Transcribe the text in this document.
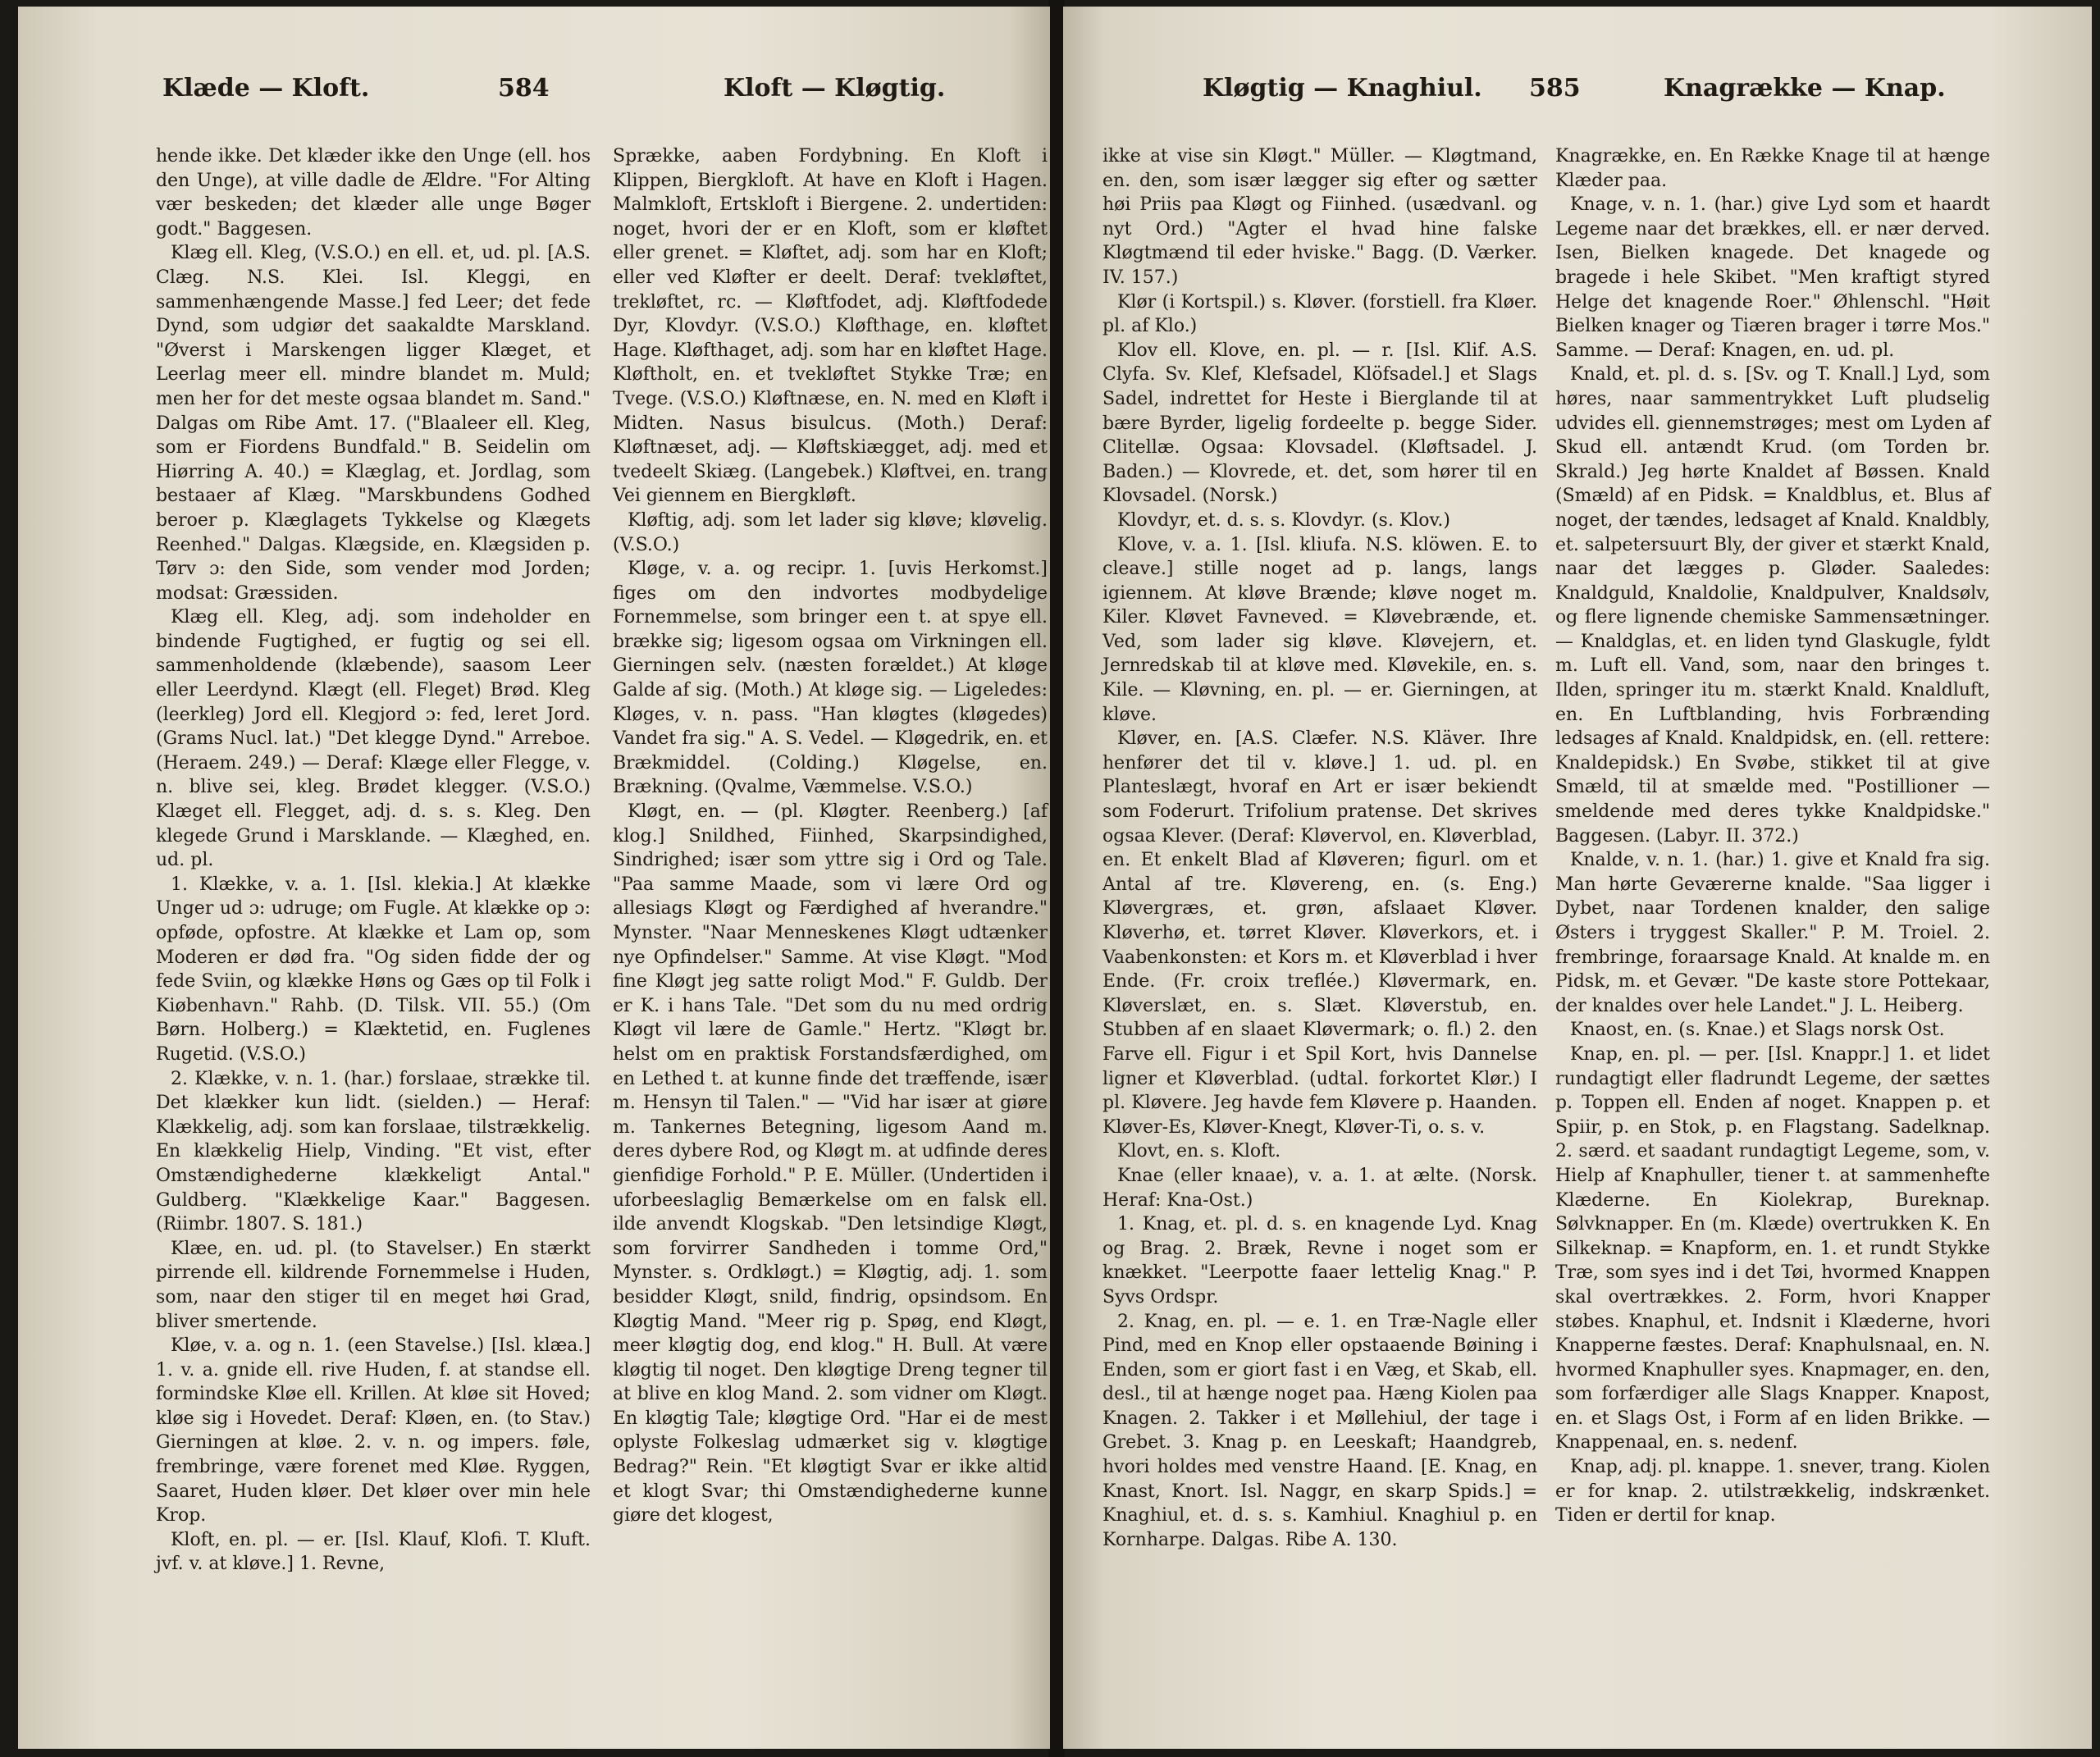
Klæde — Kloft.	584	Kloft — Kløgtig.

hende ikke. Det klæder ikke den Unge (ell. hos den Unge), at ville dadle de Ældre. "For Alting vær beskeden; det klæder alle unge Bøger godt." Baggesen.

Klæg ell. Kleg, (V.S.O.) en ell. et, ud. pl. [A.S. Clæg. N.S. Klei. Isl. Kleggi, en sammenhængende Masse.] fed Leer; det fede Dynd, som udgiør det saakaldte Marskland. "Øverst i Marskengen ligger Klæget, et Leerlag meer ell. mindre blandet m. Muld; men her for det meste ogsaa blandet m. Sand." Dalgas om Ribe Amt. 17. ("Blaaleer ell. Kleg, som er Fiordens Bundfald." B. Seidelin om Hiørring A. 40.) = Klæglag, et. Jordlag, som bestaaer af Klæg. "Marskbundens Godhed beroer p. Klæglagets Tykkelse og Klægets Reenhed." Dalgas. Klægside, en. Klægsiden p. Tørv ɔ: den Side, som vender mod Jorden; modsat: Græssiden.

Klæg ell. Kleg, adj. som indeholder en bindende Fugtighed, er fugtig og sei ell. sammenholdende (klæbende), saasom Leer eller Leerdynd. Klægt (ell. Fleget) Brød. Kleg (leerkleg) Jord ell. Klegjord ɔ: fed, leret Jord. (Grams Nucl. lat.) "Det klegge Dynd." Arreboe. (Heraem. 249.) — Deraf: Klæge eller Flegge, v. n. blive sei, kleg. Brødet klegger. (V.S.O.) Klæget ell. Flegget, adj. d. s. s. Kleg. Den klegede Grund i Marsklande. — Klæghed, en. ud. pl.

1. Klække, v. a. 1. [Isl. klekia.] At klække Unger ud ɔ: udruge; om Fugle. At klække op ɔ: opføde, opfostre. At klække et Lam op, som Moderen er død fra. "Og siden fidde der og fede Sviin, og klække Høns og Gæs op til Folk i Kiøbenhavn." Rahb. (D. Tilsk. VII. 55.) (Om Børn. Holberg.) = Klæktetid, en. Fuglenes Rugetid. (V.S.O.)

2. Klække, v. n. 1. (har.) forslaae, strække til. Det klækker kun lidt. (sielden.) — Heraf: Klækkelig, adj. som kan forslaae, tilstrækkelig. En klækkelig Hielp, Vinding. "Et vist, efter Omstændighederne klækkeligt Antal." Guldberg. "Klækkelige Kaar." Baggesen. (Riimbr. 1807. S. 181.)

Klæe, en. ud. pl. (to Stavelser.) En stærkt pirrende ell. kildrende Fornemmelse i Huden, som, naar den stiger til en meget høi Grad, bliver smertende.

Kløe, v. a. og n. 1. (een Stavelse.) [Isl. klæa.] 1. v. a. gnide ell. rive Huden, f. at standse ell. formindske Kløe ell. Krillen. At kløe sit Hoved; kløe sig i Hovedet. Deraf: Kløen, en. (to Stav.) Gierningen at kløe. 2. v. n. og impers. føle, frembringe, være forenet med Kløe. Ryggen, Saaret, Huden kløer. Det kløer over min hele Krop.

Kloft, en. pl. — er. [Isl. Klauf, Klofi. T. Kluft. jvf. v. at kløve.] 1. Revne,

Sprække, aaben Fordybning. En Kloft i Klippen, Biergkloft. At have en Kloft i Hagen. Malmkloft, Ertskloft i Biergene. 2. undertiden: noget, hvori der er en Kloft, som er kløftet eller grenet. = Kløftet, adj. som har en Kloft; eller ved Kløfter er deelt. Deraf: tvekløftet, trekløftet, rc. — Kløftfodet, adj. Kløftfodede Dyr, Klovdyr. (V.S.O.) Kløfthage, en. kløftet Hage. Kløfthaget, adj. som har en kløftet Hage. Kløftholt, en. et tvekløftet Stykke Træ; en Tvege. (V.S.O.) Kløftnæse, en. N. med en Kløft i Midten. Nasus bisulcus. (Moth.) Deraf: Kløftnæset, adj. — Kløftskiægget, adj. med et tvedeelt Skiæg. (Langebek.) Kløftvei, en. trang Vei giennem en Biergkløft.

Kløftig, adj. som let lader sig kløve; kløvelig. (V.S.O.)

Kløge, v. a. og recipr. 1. [uvis Herkomst.] figes om den indvortes modbydelige Fornemmelse, som bringer een t. at spye ell. brække sig; ligesom ogsaa om Virkningen ell. Gierningen selv. (næsten forældet.) At kløge Galde af sig. (Moth.) At kløge sig. — Ligeledes: Kløges, v. n. pass. "Han kløgtes (kløgedes) Vandet fra sig." A. S. Vedel. — Kløgedrik, en. et Brækmiddel. (Colding.) Kløgelse, en. Brækning. (Qvalme, Væmmelse. V.S.O.)

Kløgt, en. — (pl. Kløgter. Reenberg.) [af klog.] Snildhed, Fiinhed, Skarpsindighed, Sindrighed; især som yttre sig i Ord og Tale. "Paa samme Maade, som vi lære Ord og allesiags Kløgt og Færdighed af hverandre." Mynster. "Naar Menneskenes Kløgt udtænker nye Opfindelser." Samme. At vise Kløgt. "Mod fine Kløgt jeg satte roligt Mod." F. Guldb. Der er K. i hans Tale. "Det som du nu med ordrig Kløgt vil lære de Gamle." Hertz. "Kløgt br. helst om en praktisk Forstandsfærdighed, om en Lethed t. at kunne finde det træffende, især m. Hensyn til Talen." — "Vid har især at giøre m. Tankernes Betegning, ligesom Aand m. deres dybere Rod, og Kløgt m. at udfinde deres gienfidige Forhold." P. E. Müller. (Undertiden i uforbeeslaglig Bemærkelse om en falsk ell. ilde anvendt Klogskab. "Den letsindige Kløgt, som forvirrer Sandheden i tomme Ord," Mynster. s. Ordkløgt.) = Kløgtig, adj. 1. som besidder Kløgt, snild, findrig, opsindsom. En Kløgtig Mand. "Meer rig p. Spøg, end Kløgt, meer kløgtig dog, end klog." H. Bull. At være kløgtig til noget. Den kløgtige Dreng tegner til at blive en klog Mand. 2. som vidner om Kløgt. En kløgtig Tale; kløgtige Ord. "Har ei de mest oplyste Folkeslag udmærket sig v. kløgtige Bedrag?" Rein. "Et kløgtigt Svar er ikke altid et klogt Svar; thi Omstændighederne kunne giøre det klogest,

Kløgtig — Knaghiul. 585	Knagrække — Knap.

ikke at vise sin Kløgt." Müller. — Kløgtmand, en. den, som især lægger sig efter og sætter høi Priis paa Kløgt og Fiinhed. (usædvanl. og nyt Ord.) "Agter el hvad hine falske Kløgtmænd til eder hviske." Bagg. (D. Værker. IV. 157.)

Klør (i Kortspil.) s. Kløver. (forstiell. fra Kløer. pl. af Klo.)

Klov ell. Klove, en. pl. — r. [Isl. Klif. A.S. Clyfa. Sv. Klef, Klefsadel, Klöfsadel.] et Slags Sadel, indrettet for Heste i Bierglande til at bære Byrder, ligelig fordeelte p. begge Sider. Clitellæ. Ogsaa: Klovsadel. (Kløftsadel. J. Baden.) — Klovrede, et. det, som hører til en Klovsadel. (Norsk.)

Klovdyr, et. d. s. s. Klovdyr. (s. Klov.)

Klove, v. a. 1. [Isl. kliufa. N.S. klöwen. E. to cleave.] stille noget ad p. langs, langs igiennem. At kløve Brænde; kløve noget m. Kiler. Kløvet Favneved. = Kløvebrænde, et. Ved, som lader sig kløve. Kløvejern, et. Jernredskab til at kløve med. Kløvekile, en. s. Kile. — Kløvning, en. pl. — er. Gierningen, at kløve.

Kløver, en. [A.S. Clæfer. N.S. Kläver. Ihre henfører det til v. kløve.] 1. ud. pl. en Planteslægt, hvoraf en Art er især bekiendt som Foderurt. Trifolium pratense. Det skrives ogsaa Klever. (Deraf: Kløvervol, en. Kløverblad, en. Et enkelt Blad af Kløveren; figurl. om et Antal af tre. Kløvereng, en. (s. Eng.) Kløvergræs, et. grøn, afslaaet Kløver. Kløverhø, et. tørret Kløver. Kløverkors, et. i Vaabenkonsten: et Kors m. et Kløverblad i hver Ende. (Fr. croix treflée.) Kløvermark, en. Kløverslæt, en. s. Slæt. Kløverstub, en. Stubben af en slaaet Kløvermark; o. fl.) 2. den Farve ell. Figur i et Spil Kort, hvis Dannelse ligner et Kløverblad. (udtal. forkortet Klør.) I pl. Kløvere. Jeg havde fem Kløvere p. Haanden. Kløver-Es, Kløver-Knegt, Kløver-Ti, o. s. v.

Klovt, en. s. Kloft.

Knae (eller knaae), v. a. 1. at ælte. (Norsk. Heraf: Kna-Ost.)

1. Knag, et. pl. d. s. en knagende Lyd. Knag og Brag. 2. Bræk, Revne i noget som er knækket. "Leerpotte faaer lettelig Knag." P. Syvs Ordspr.

2. Knag, en. pl. — e. 1. en Træ-Nagle eller Pind, med en Knop eller opstaaende Bøining i Enden, som er giort fast i en Væg, et Skab, ell. desl., til at hænge noget paa. Hæng Kiolen paa Knagen. 2. Takker i et Møllehiul, der tage i Grebet. 3. Knag p. en Leeskaft; Haandgreb, hvori holdes med venstre Haand. [E. Knag, en Knast, Knort. Isl. Naggr, en skarp Spids.] = Knaghiul, et. d. s. s. Kamhiul. Knaghiul p. en Kornharpe. Dalgas. Ribe A. 130.

Knagrække, en. En Række Knage til at hænge Klæder paa.

Knage, v. n. 1. (har.) give Lyd som et haardt Legeme naar det brækkes, ell. er nær derved. Isen, Bielken knagede. Det knagede og bragede i hele Skibet. "Men kraftigt styred Helge det knagende Roer." Øhlenschl. "Høit Bielken knager og Tiæren brager i tørre Mos." Samme. — Deraf: Knagen, en. ud. pl.

Knald, et. pl. d. s. [Sv. og T. Knall.] Lyd, som høres, naar sammentrykket Luft pludselig udvides ell. giennemstrøges; mest om Lyden af Skud ell. antændt Krud. (om Torden br. Skrald.) Jeg hørte Knaldet af Bøssen. Knald (Smæld) af en Pidsk. = Knaldblus, et. Blus af noget, der tændes, ledsaget af Knald. Knaldbly, et. salpetersuurt Bly, der giver et stærkt Knald, naar det lægges p. Gløder. Saaledes: Knaldguld, Knaldolie, Knaldpulver, Knaldsølv, og flere lignende chemiske Sammensætninger. — Knaldglas, et. en liden tynd Glaskugle, fyldt m. Luft ell. Vand, som, naar den bringes t. Ilden, springer itu m. stærkt Knald. Knaldluft, en. En Luftblanding, hvis Forbrænding ledsages af Knald. Knaldpidsk, en. (ell. rettere: Knaldepidsk.) En Svøbe, stikket til at give Smæld, til at smælde med. "Postillioner — smeldende med deres tykke Knaldpidske." Baggesen. (Labyr. II. 372.)

Knalde, v. n. 1. (har.) 1. give et Knald fra sig. Man hørte Geværerne knalde. "Saa ligger i Dybet, naar Tordenen knalder, den salige Østers i tryggest Skaller." P. M. Troiel. 2. frembringe, foraarsage Knald. At knalde m. en Pidsk, m. et Gevær. "De kaste store Pottekaar, der knaldes over hele Landet." J. L. Heiberg.

Knaost, en. (s. Knae.) et Slags norsk Ost.

Knap, en. pl. — per. [Isl. Knappr.] 1. et lidet rundagtigt eller fladrundt Legeme, der sættes p. Toppen ell. Enden af noget. Knappen p. et Spiir, p. en Stok, p. en Flagstang. Sadelknap. 2. særd. et saadant rundagtigt Legeme, som, v. Hielp af Knaphuller, tiener t. at sammenhefte Klæderne. En Kiolekrap, Bureknap. Sølvknapper. En (m. Klæde) overtrukken K. En Silkeknap. = Knapform, en. 1. et rundt Stykke Træ, som syes ind i det Tøi, hvormed Knappen skal overtrækkes. 2. Form, hvori Knapper støbes. Knaphul, et. Indsnit i Klæderne, hvori Knapperne fæstes. Deraf: Knaphulsnaal, en. N. hvormed Knaphuller syes. Knapmager, en. den, som forfærdiger alle Slags Knapper. Knapost, en. et Slags Ost, i Form af en liden Brikke. — Knappenaal, en. s. nedenf.

Knap, adj. pl. knappe. 1. snever, trang. Kiolen er for knap. 2. utilstrækkelig, indskrænket. Tiden er dertil for knap.
